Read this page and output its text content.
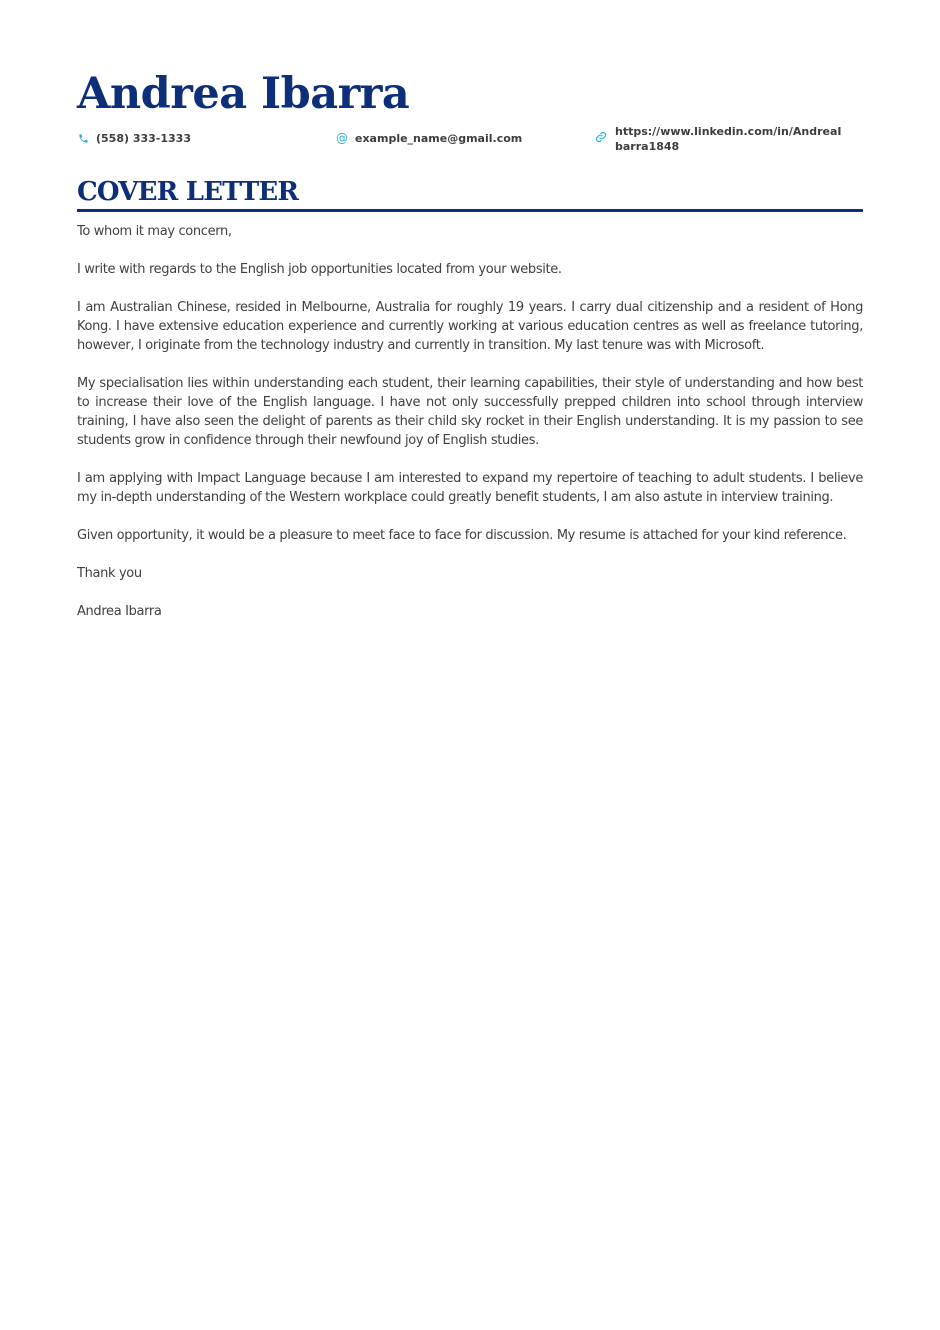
Andrea Ibarra
(558) 333-1333	@ example_name@gmail.com
https://www.linkedin.com/in/AndreaIbarra1848
COVER LETTER

To whom it may concern,

I write with regards to the English job opportunities located from your website.

I am Australian Chinese, resided in Melbourne, Australia for roughly 19 years. I carry dual citizenship and a resident of Hong Kong. I have extensive education experience and currently working at various education centres as well as freelance tutoring, however, I originate from the technology industry and currently in transition. My last tenure was with Microsoft.

My specialisation lies within understanding each student, their learning capabilities, their style of understanding and how best to increase their love of the English language. I have not only successfully prepped children into school through interview training, I have also seen the delight of parents as their child sky rocket in their English understanding. It is my passion to see students grow in confidence through their newfound joy of English studies.

I am applying with Impact Language because I am interested to expand my repertoire of teaching to adult students. I believe my in-depth understanding of the Western workplace could greatly benefit students, I am also astute in interview training.

Given opportunity, it would be a pleasure to meet face to face for discussion. My resume is attached for your kind reference.

Thank you

Andrea Ibarra
